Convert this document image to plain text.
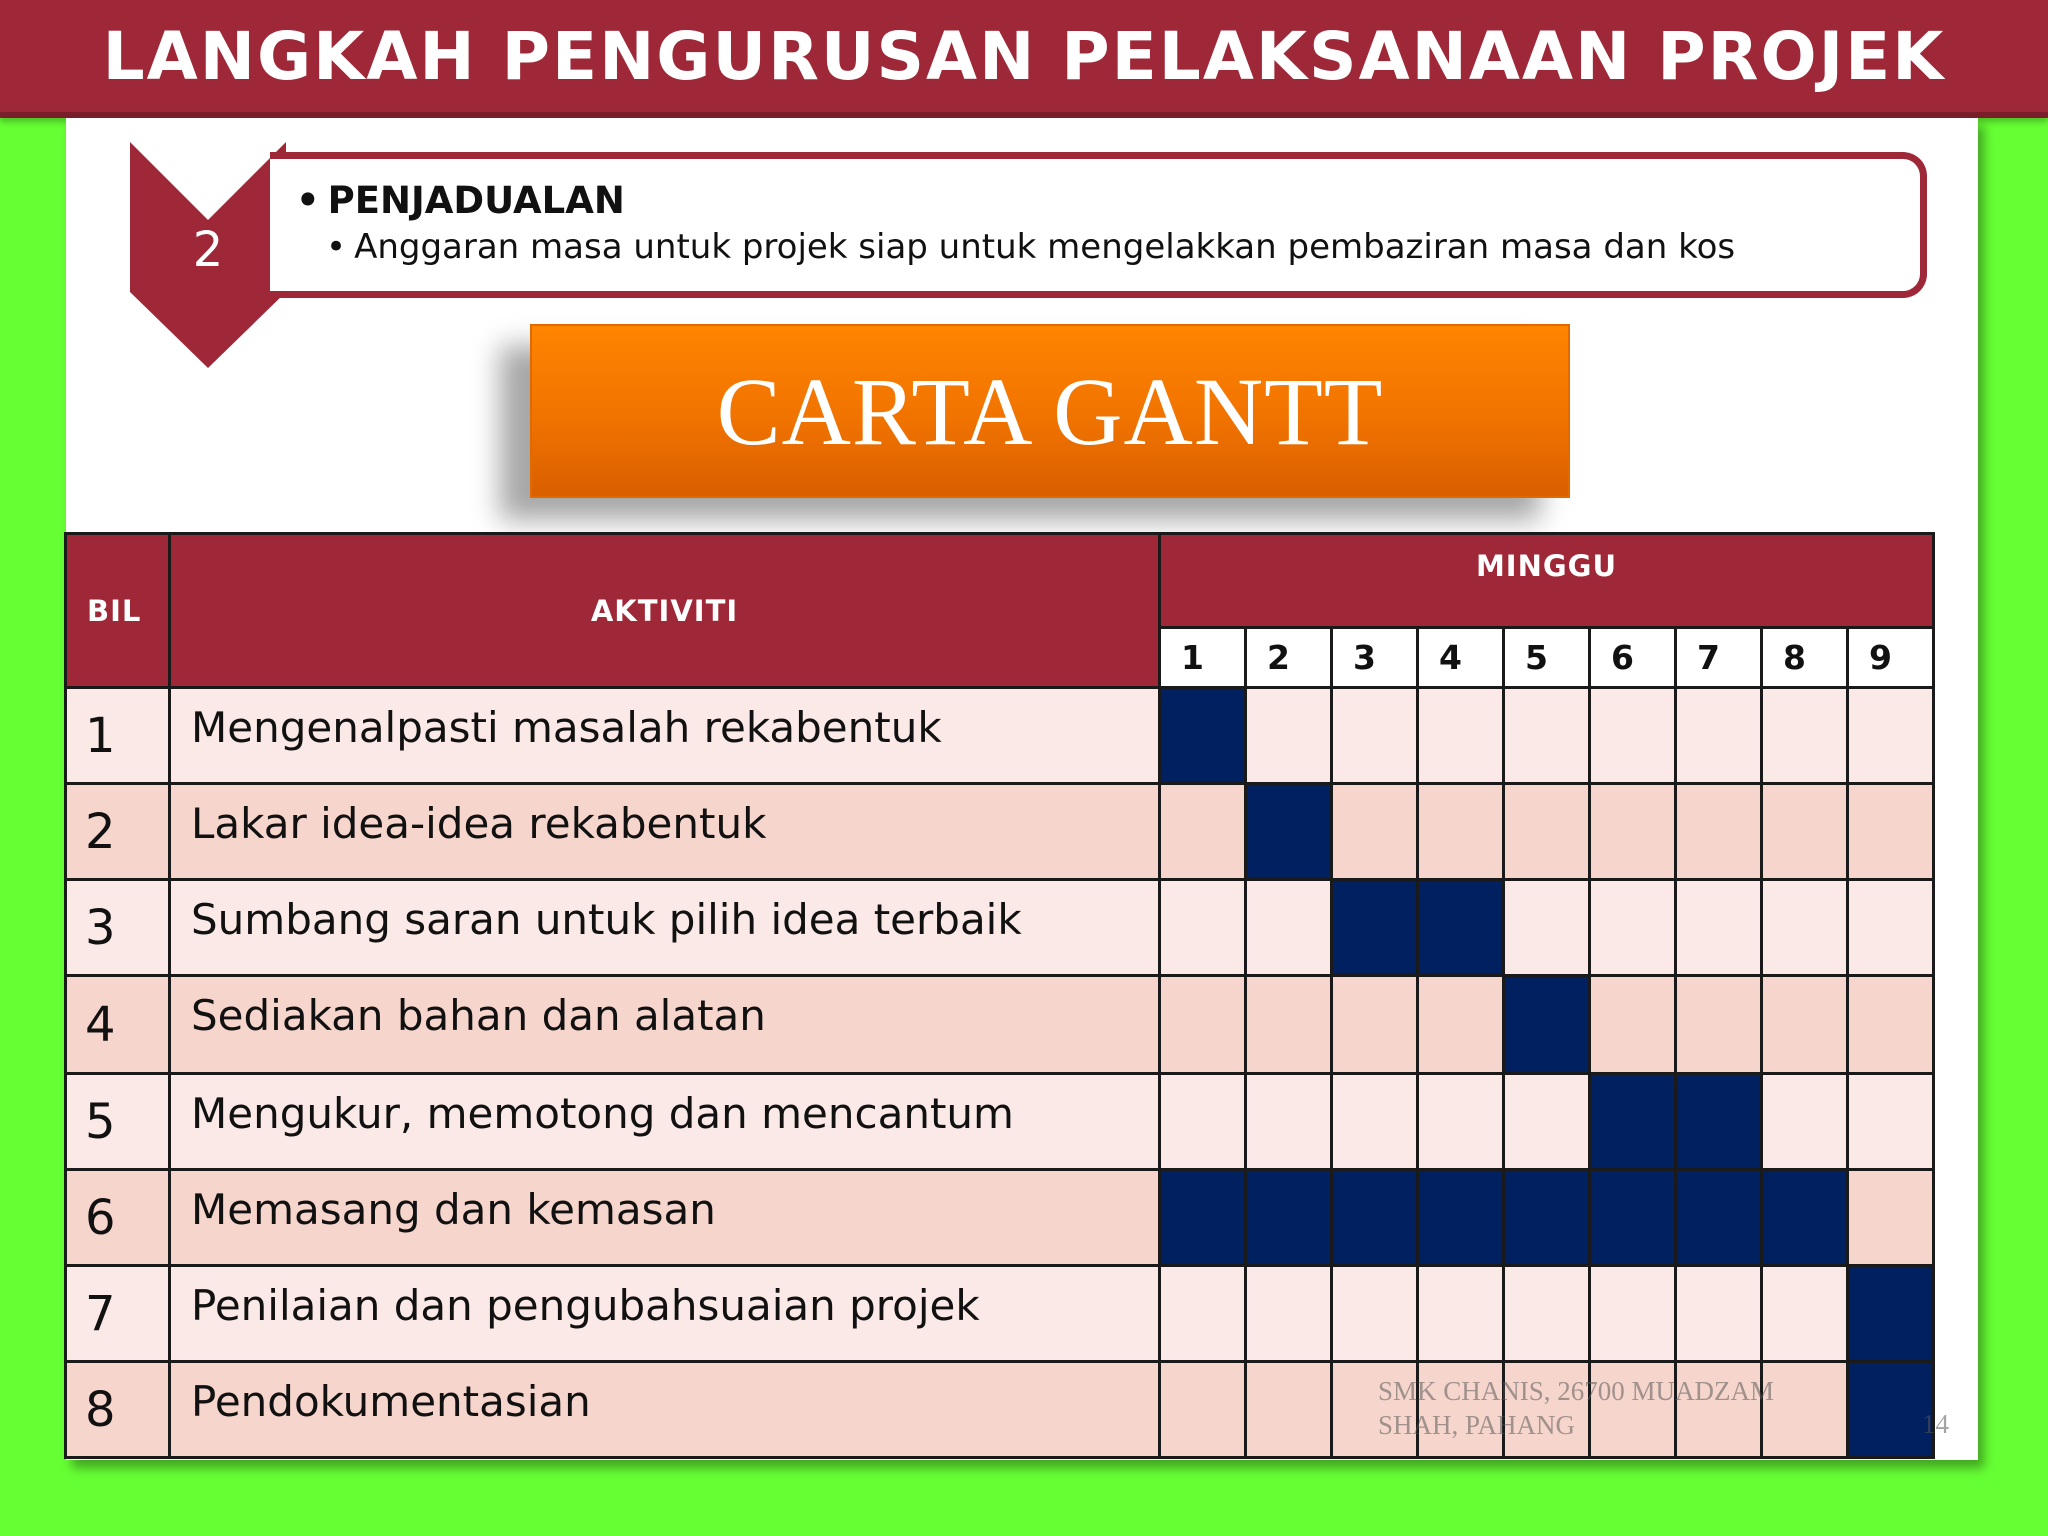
LANGKAH PENGURUSAN PELAKSANAAN PROJEK
2
• PENJADUALAN
• Anggaran masa untuk projek siap untuk mengelakkan pembaziran masa dan kos
CARTA GANTT
BIL	AKTIVITI	MINGGU								
		1	2	3	4	5	6	7	8	9
1	Mengenalpasti masalah rekabentuk									
2	Lakar idea-idea rekabentuk									
3	Sumbang saran untuk pilih idea terbaik									
4	Sediakan bahan dan alatan									
5	Mengukur, memotong dan mencantum									
6	Memasang dan kemasan									
7	Penilaian dan pengubahsuaian projek									
8	Pendokumentasian										SMK CHANIS, 26700 MUADZAM SHAH, PAHANG	14
